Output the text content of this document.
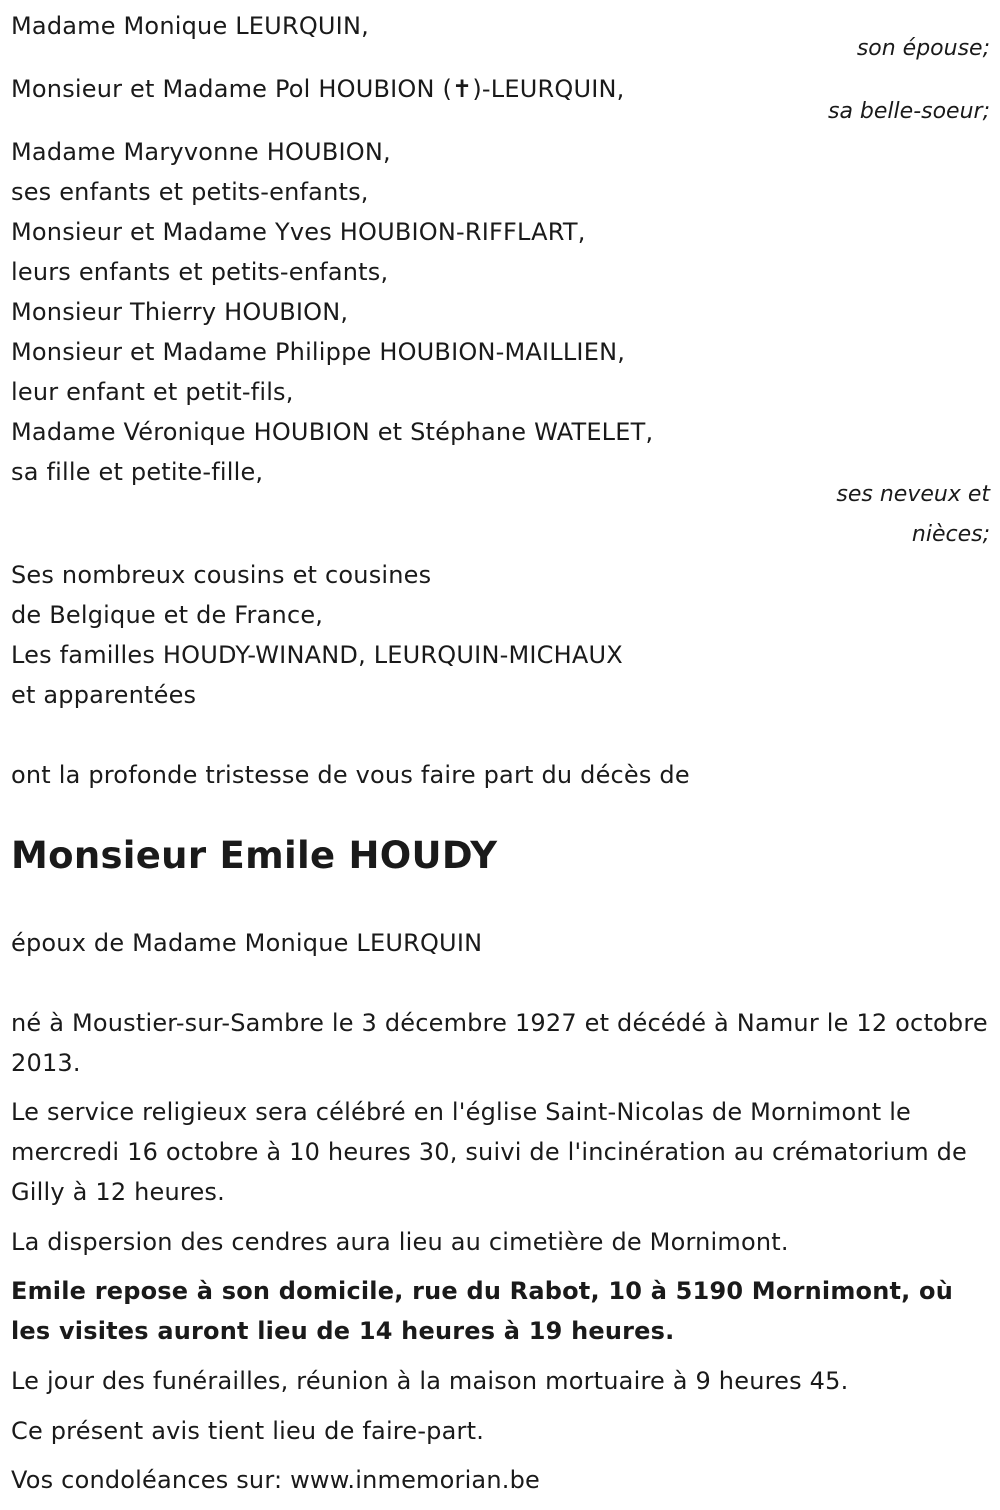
Madame Monique LEURQUIN,
son épouse;
Monsieur et Madame Pol HOUBION (✝)-LEURQUIN,
sa belle-soeur;
Madame Maryvonne HOUBION,
ses enfants et petits-enfants,
Monsieur et Madame Yves HOUBION-RIFFLART,
leurs enfants et petits-enfants,
Monsieur Thierry HOUBION,
Monsieur et Madame Philippe HOUBION-MAILLIEN,
leur enfant et petit-fils,
Madame Véronique HOUBION et Stéphane WATELET,
sa fille et petite-fille,
ses neveux et
nièces;
Ses nombreux cousins et cousines
de Belgique et de France,
Les familles HOUDY-WINAND, LEURQUIN-MICHAUX
et apparentées
ont la profonde tristesse de vous faire part du décès de
Monsieur Emile HOUDY
époux de Madame Monique LEURQUIN
né à Moustier-sur-Sambre le 3 décembre 1927 et décédé à Namur le 12 octobre 2013.
Le service religieux sera célébré en l'église Saint-Nicolas de Mornimont le mercredi 16 octobre à 10 heures 30, suivi de l'incinération au crématorium de Gilly à 12 heures.
La dispersion des cendres aura lieu au cimetière de Mornimont.
Emile repose à son domicile, rue du Rabot, 10 à 5190 Mornimont, où les visites auront lieu de 14 heures à 19 heures.
Le jour des funérailles, réunion à la maison mortuaire à 9 heures 45.
Ce présent avis tient lieu de faire-part.
Vos condoléances sur: www.inmemorian.be
